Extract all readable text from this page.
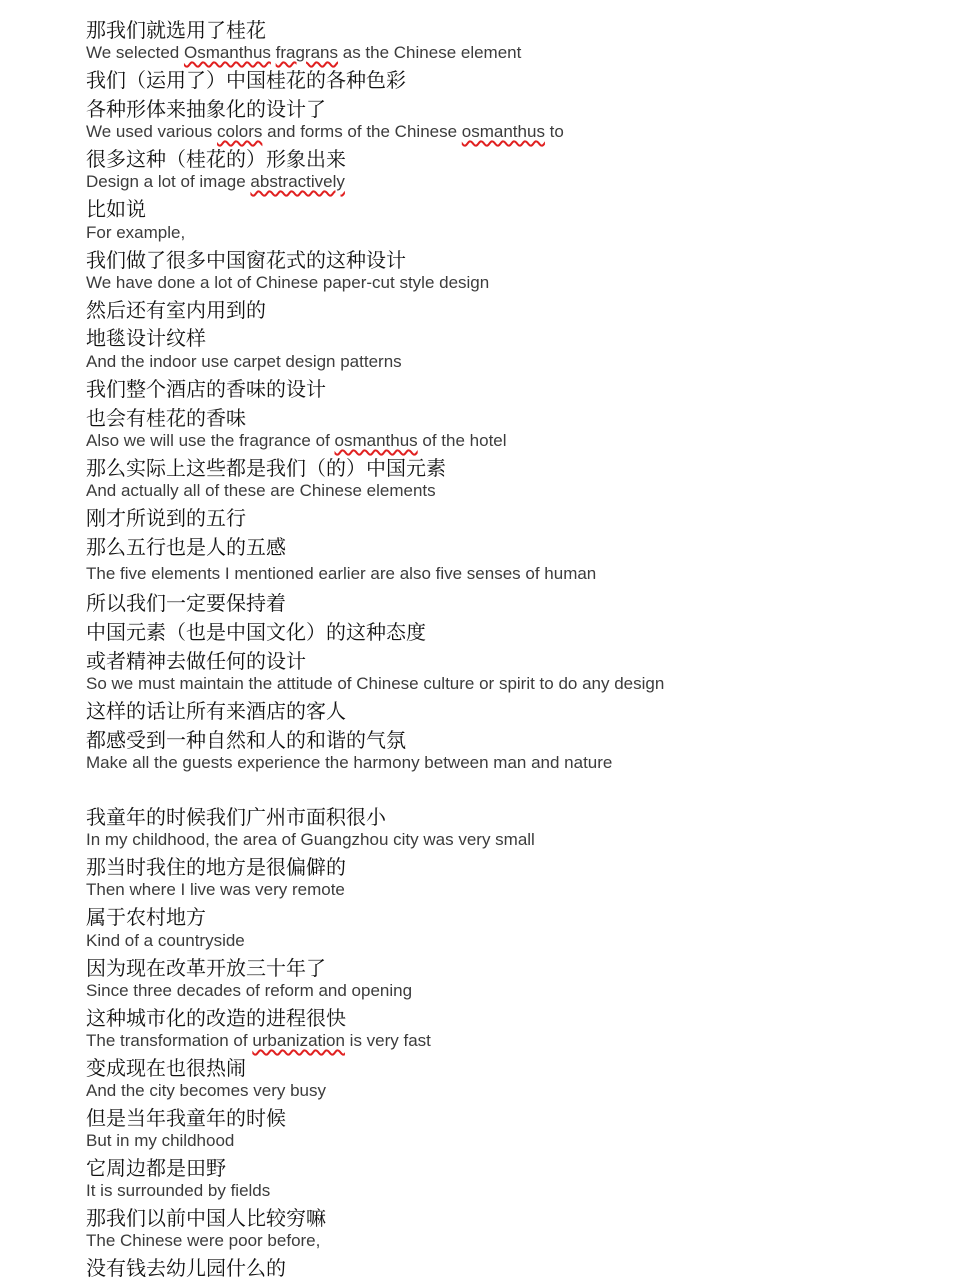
那我们就选用了桂花
We selected Osmanthus fragrans as the Chinese element
我们（运用了）中国桂花的各种色彩
各种形体来抽象化的设计了
We used various colors and forms of the Chinese osmanthus to
很多这种（桂花的）形象出来
Design a lot of image abstractively
比如说
For example,
我们做了很多中国窗花式的这种设计
We have done a lot of Chinese paper-cut style design
然后还有室内用到的
地毯设计纹样
And the indoor use carpet design patterns
我们整个酒店的香味的设计
也会有桂花的香味
Also we will use the fragrance of osmanthus of the hotel
那么实际上这些都是我们（的）中国元素
And actually all of these are Chinese elements
刚才所说到的五行
那么五行也是人的五感
The five elements I mentioned earlier are also five senses of human
所以我们一定要保持着
中国元素（也是中国文化）的这种态度
或者精神去做任何的设计
So we must maintain the attitude of Chinese culture or spirit to do any design
这样的话让所有来酒店的客人
都感受到一种自然和人的和谐的气氛
Make all the guests experience the harmony between man and nature
我童年的时候我们广州市面积很小
In my childhood, the area of Guangzhou city was very small
那当时我住的地方是很偏僻的
Then where I live was very remote
属于农村地方
Kind of a countryside
因为现在改革开放三十年了
Since three decades of reform and opening
这种城市化的改造的进程很快
The transformation of urbanization is very fast
变成现在也很热闹
And the city becomes very busy
但是当年我童年的时候
But in my childhood
它周边都是田野
It is surrounded by fields
那我们以前中国人比较穷嘛
The Chinese were poor before,
没有钱去幼儿园什么的
